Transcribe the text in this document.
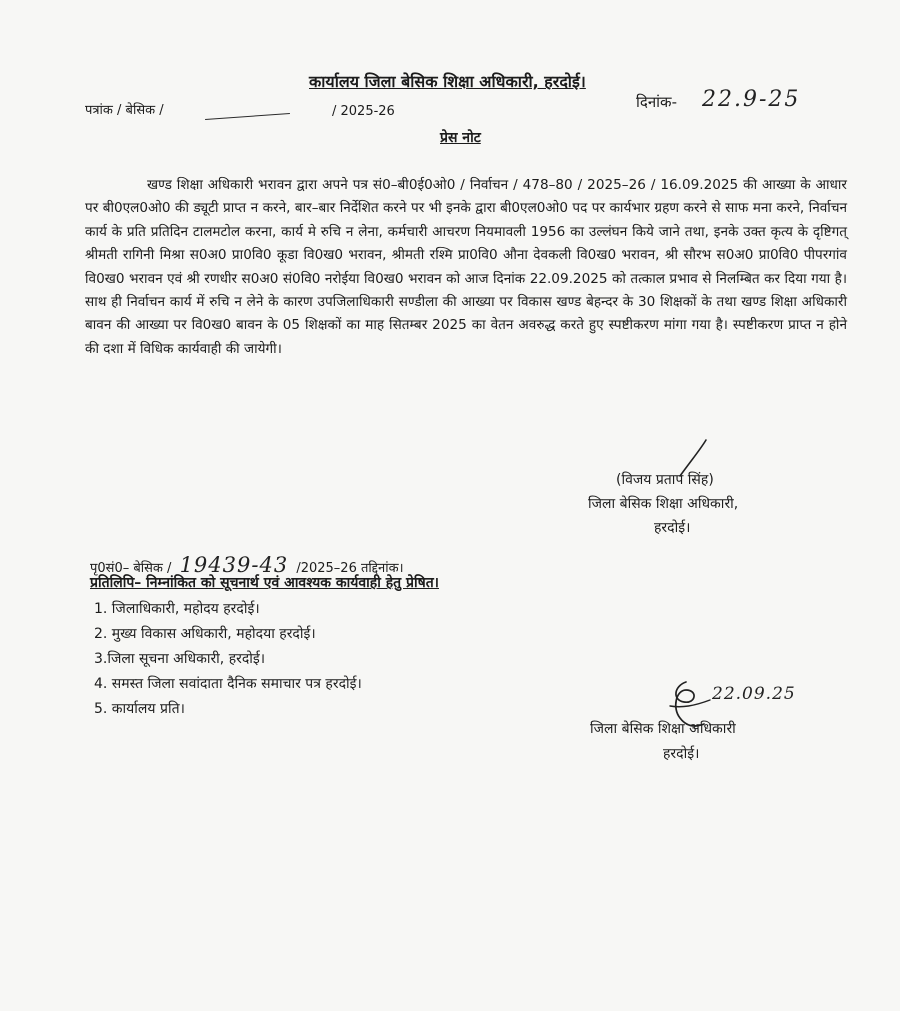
कार्यालय जिला बेसिक शिक्षा अधिकारी, हरदोई।
पत्रांक / बेसिक /	/ 2025-26
दिनांक- 22.9-25
प्रेस नोट
खण्ड शिक्षा अधिकारी भरावन द्वारा अपने पत्र सं0–बी0ई0ओ0 / निर्वाचन / 478–80 / 2025–26 / 16.09.2025 की आख्या के आधार पर बी0एल0ओ0 की ड्यूटी प्राप्त न करने, बार–बार निर्देशित करने पर भी इनके द्वारा बी0एल0ओ0 पद पर कार्यभार ग्रहण करने से साफ मना करने, निर्वाचन कार्य के प्रति प्रतिदिन टालमटोल करना, कार्य मे रुचि न लेना, कर्मचारी आचरण नियमावली 1956 का उल्लंघन किये जाने तथा, इनके उक्त कृत्य के दृष्टिगत् श्रीमती रागिनी मिश्रा स0अ0 प्रा0वि0 कूडा वि0ख0 भरावन, श्रीमती रश्मि प्रा0वि0 औना देवकली वि0ख0 भरावन, श्री सौरभ स0अ0 प्रा0वि0 पीपरगांव वि0ख0 भरावन एवं श्री रणधीर स0अ0 सं0वि0 नरोईया वि0ख0 भरावन को आज दिनांक 22.09.2025 को तत्काल प्रभाव से निलम्बित कर दिया गया है। साथ ही निर्वाचन कार्य में रुचि न लेने के कारण उपजिलाधिकारी सण्डीला की आख्या पर विकास खण्ड बेहन्दर के 30 शिक्षकों के तथा खण्ड शिक्षा अधिकारी बावन की आख्या पर वि0ख0 बावन के 05 शिक्षकों का माह सितम्बर 2025 का वेतन अवरुद्ध करते हुए स्पष्टीकरण मांगा गया है। स्पष्टीकरण प्राप्त न होने की दशा में विधिक कार्यवाही की जायेगी।
(विजय प्रताप सिंह)
जिला बेसिक शिक्षा अधिकारी,
हरदोई।
पृ0सं0– बेसिक / 19439-43 /2025–26 तद्दिनांक।
प्रतिलिपि– निम्नांकित को सूचनार्थ एवं आवश्यक कार्यवाही हेतु प्रेषित।
1. जिलाधिकारी, महोदय हरदोई।
2. मुख्य विकास अधिकारी, महोदया हरदोई।
3.जिला सूचना अधिकारी, हरदोई।
4. समस्त जिला सवांदाता दैनिक समाचार पत्र हरदोई।
5. कार्यालय प्रति।
22.09.25
जिला बेसिक शिक्षा अधिकारी
हरदोई।
